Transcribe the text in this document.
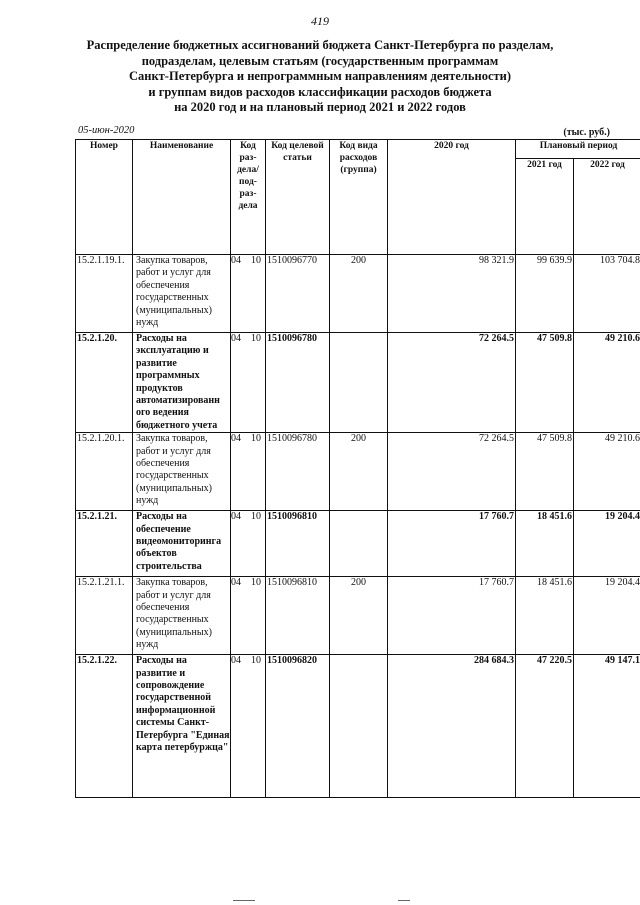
419
Распределение бюджетных ассигнований бюджета Санкт-Петербурга по разделам,
подразделам, целевым статьям (государственным программам
Санкт-Петербурга и непрограммным направлениям деятельности)
и группам видов расходов классификации расходов бюджета
на 2020 год и на плановый период 2021 и 2022 годов
05-июн-2020	(тыс. руб.)
Номер	Наименование	Код раз- дела/ под- раз- дела	Код целевой статьи	Код вида расходов (группа)	2020 год	Плановый период	
						2021 год	2022 год
15.2.1.19.1.	Закупка товаров, работ и услуг для обеспечения государственных (муниципальных) нужд	04 10	1510096770	200	98 321.9	99 639.9	103 704.8
15.2.1.20.	Расходы на эксплуатацию и развитие программных продуктов автоматизированн ого ведения бюджетного учета	04 10	1510096780		72 264.5	47 509.8	49 210.6
15.2.1.20.1.	Закупка товаров, работ и услуг для обеспечения государственных (муниципальных) нужд	04 10	1510096780	200	72 264.5	47 509.8	49 210.6
15.2.1.21.	Расходы на обеспечение видеомониторинга объектов строительства	04 10	1510096810		17 760.7	18 451.6	19 204.4
15.2.1.21.1.	Закупка товаров, работ и услуг для обеспечения государственных (муниципальных) нужд	04 10	1510096810	200	17 760.7	18 451.6	19 204.4
15.2.1.22.	Расходы на развитие и сопровождение государственной информационной системы Санкт-Петербурга "Единая карта петербуржца"	04 10	1510096820		284 684.3	47 220.5	49 147.1
